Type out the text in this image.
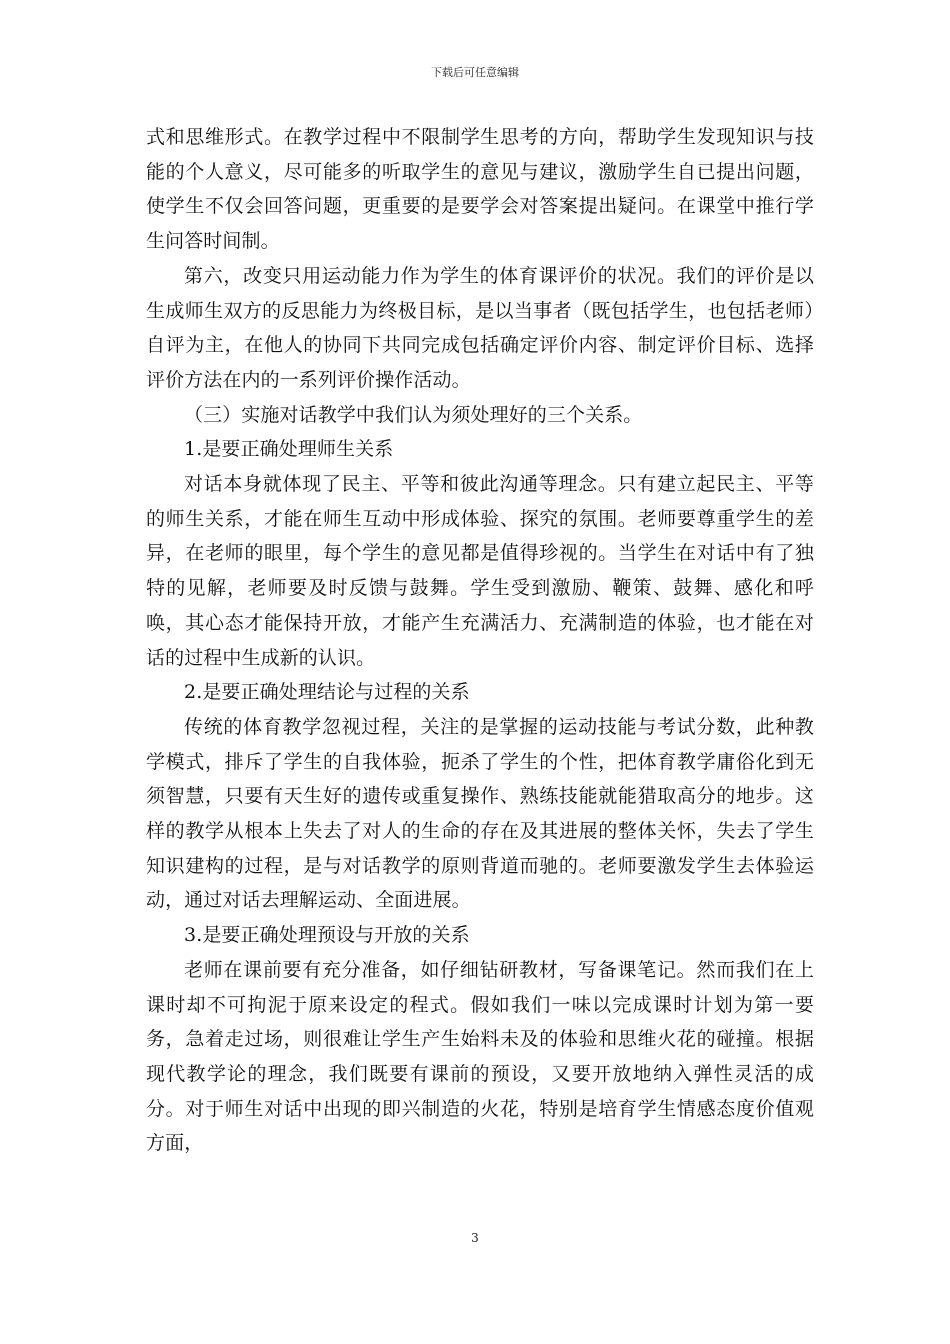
下载后可任意编辑

式和思维形式。在教学过程中不限制学生思考的方向，帮助学生发现知识与技能的个人意义，尽可能多的听取学生的意见与建议，激励学生自已提出问题，使学生不仅会回答问题，更重要的是要学会对答案提出疑问。在课堂中推行学生问答时间制。

第六，改变只用运动能力作为学生的体育课评价的状况。我们的评价是以生成师生双方的反思能力为终极目标，是以当事者（既包括学生，也包括老师）自评为主，在他人的协同下共同完成包括确定评价内容、制定评价目标、选择评价方法在内的一系列评价操作活动。

（三）实施对话教学中我们认为须处理好的三个关系。

1.是要正确处理师生关系

对话本身就体现了民主、平等和彼此沟通等理念。只有建立起民主、平等的师生关系，才能在师生互动中形成体验、探究的氛围。老师要尊重学生的差异，在老师的眼里，每个学生的意见都是值得珍视的。当学生在对话中有了独特的见解，老师要及时反馈与鼓舞。学生受到激励、鞭策、鼓舞、感化和呼唤，其心态才能保持开放，才能产生充满活力、充满制造的体验，也才能在对话的过程中生成新的认识。

2.是要正确处理结论与过程的关系

传统的体育教学忽视过程，关注的是掌握的运动技能与考试分数，此种教学模式，排斥了学生的自我体验，扼杀了学生的个性，把体育教学庸俗化到无须智慧，只要有天生好的遗传或重复操作、熟练技能就能猎取高分的地步。这样的教学从根本上失去了对人的生命的存在及其进展的整体关怀，失去了学生知识建构的过程，是与对话教学的原则背道而驰的。老师要激发学生去体验运动，通过对话去理解运动、全面进展。

3.是要正确处理预设与开放的关系

老师在课前要有充分准备，如仔细钻研教材，写备课笔记。然而我们在上课时却不可拘泥于原来设定的程式。假如我们一味以完成课时计划为第一要务，急着走过场，则很难让学生产生始料未及的体验和思维火花的碰撞。根据现代教学论的理念，我们既要有课前的预设，又要开放地纳入弹性灵活的成分。对于师生对话中出现的即兴制造的火花，特别是培育学生情感态度价值观方面，

3
